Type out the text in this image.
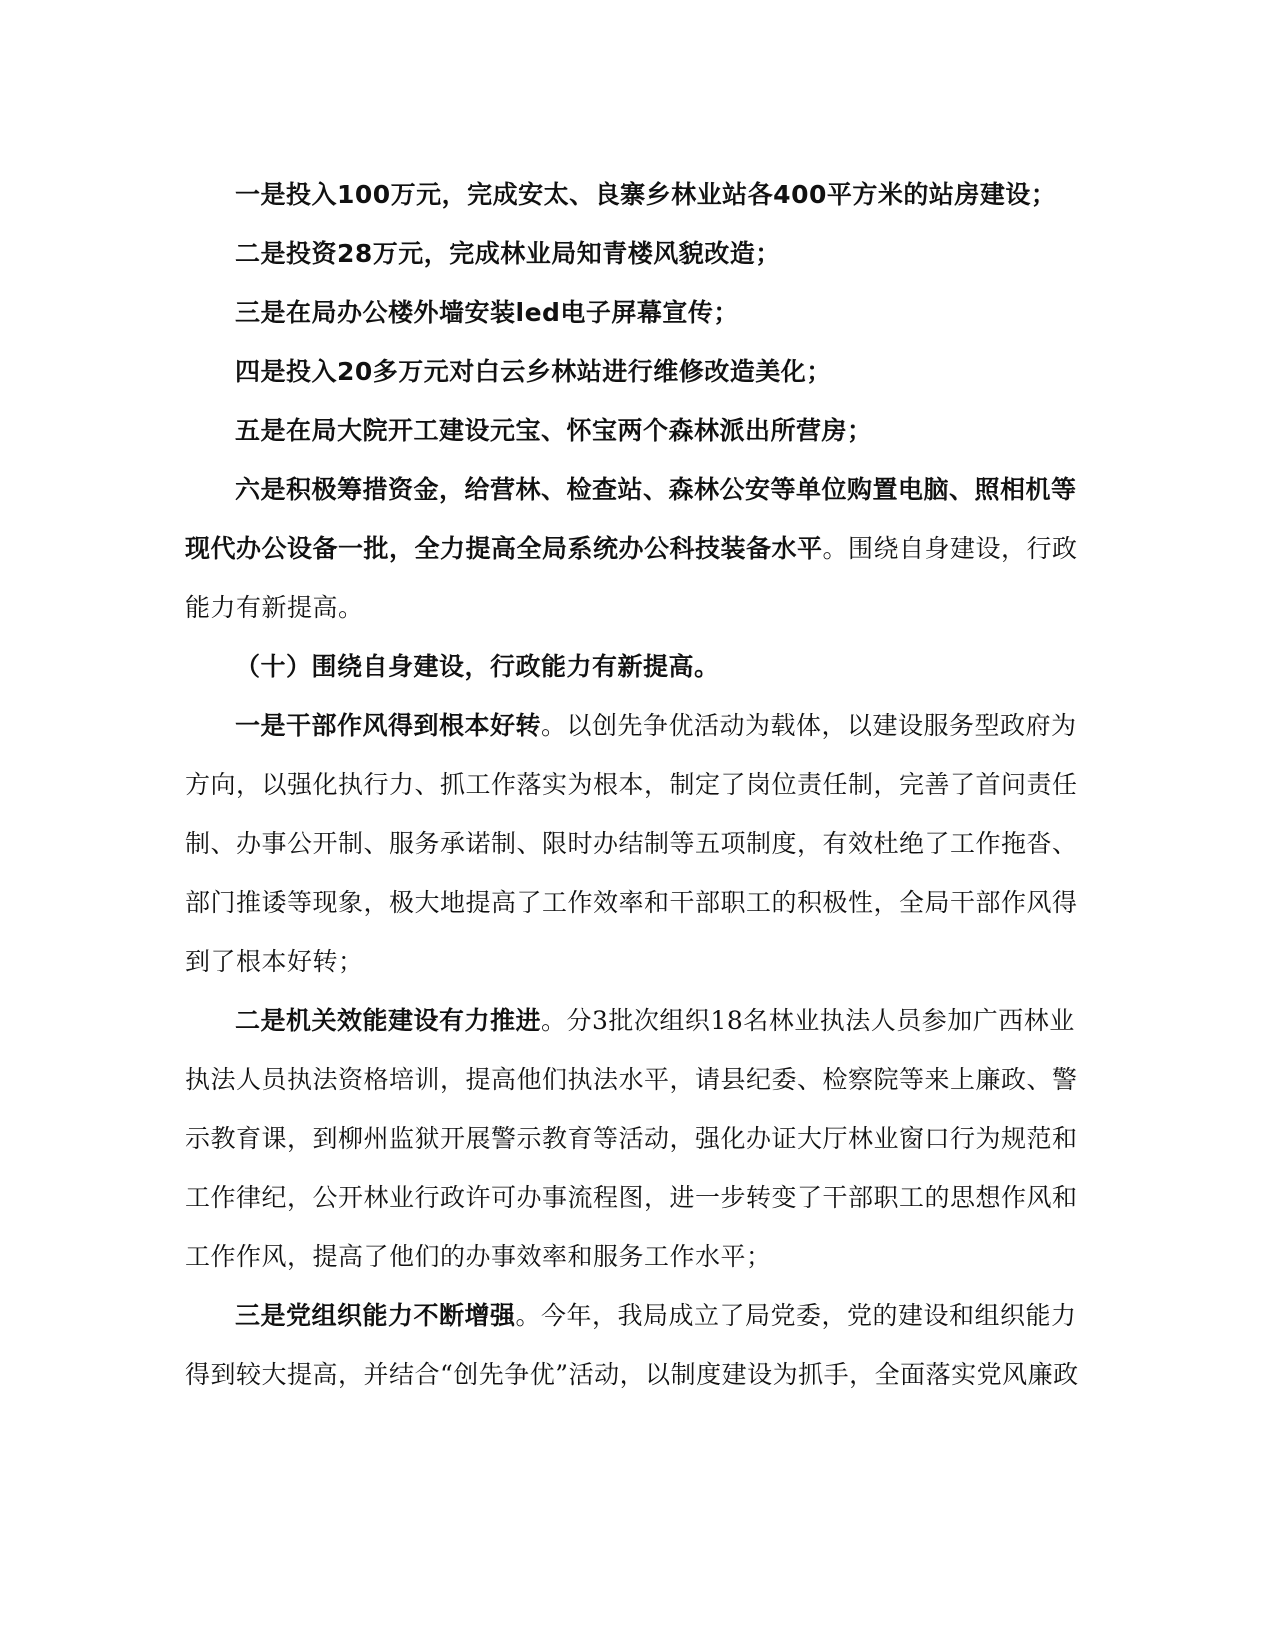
一是投入100万元，完成安太、良寨乡林业站各400平方米的站房建设；

二是投资28万元，完成林业局知青楼风貌改造；

三是在局办公楼外墙安装led电子屏幕宣传；

四是投入20多万元对白云乡林站进行维修改造美化；

五是在局大院开工建设元宝、怀宝两个森林派出所营房；

六是积极筹措资金，给营林、检查站、森林公安等单位购置电脑、照相机等现代办公设备一批，全力提高全局系统办公科技装备水平。围绕自身建设，行政能力有新提高。

（十）围绕自身建设，行政能力有新提高。

一是干部作风得到根本好转。以创先争优活动为载体，以建设服务型政府为方向，以强化执行力、抓工作落实为根本，制定了岗位责任制，完善了首问责任制、办事公开制、服务承诺制、限时办结制等五项制度，有效杜绝了工作拖沓、部门推诿等现象，极大地提高了工作效率和干部职工的积极性，全局干部作风得到了根本好转；

二是机关效能建设有力推进。分3批次组织18名林业执法人员参加广西林业执法人员执法资格培训，提高他们执法水平，请县纪委、检察院等来上廉政、警示教育课，到柳州监狱开展警示教育等活动，强化办证大厅林业窗口行为规范和工作律纪，公开林业行政许可办事流程图，进一步转变了干部职工的思想作风和工作作风，提高了他们的办事效率和服务工作水平；

三是党组织能力不断增强。今年，我局成立了局党委，党的建设和组织能力得到较大提高，并结合“创先争优”活动，以制度建设为抓手，全面落实党风廉政
